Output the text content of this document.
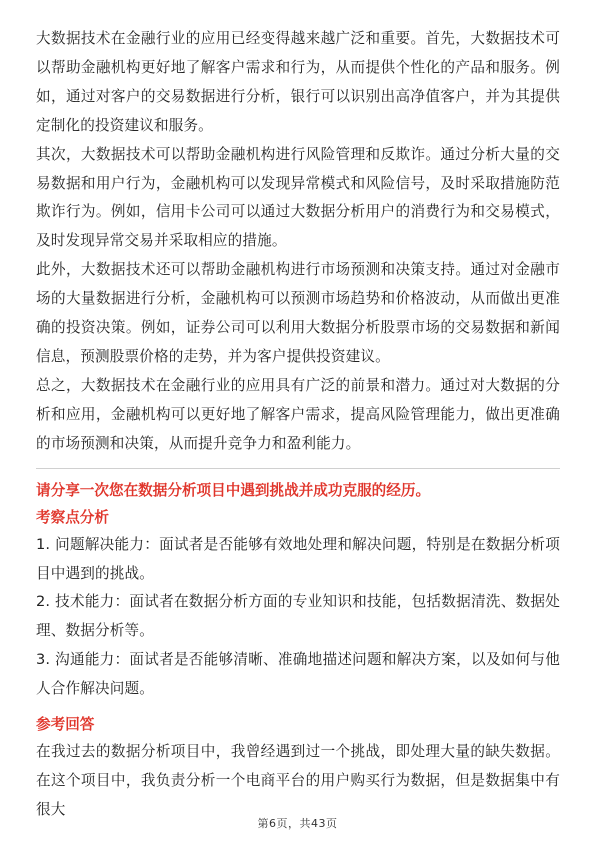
大数据技术在金融行业的应用已经变得越来越广泛和重要。首先，大数据技术可以帮助金融机构更好地了解客户需求和行为，从而提供个性化的产品和服务。例如，通过对客户的交易数据进行分析，银行可以识别出高净值客户，并为其提供定制化的投资建议和服务。

其次，大数据技术可以帮助金融机构进行风险管理和反欺诈。通过分析大量的交易数据和用户行为，金融机构可以发现异常模式和风险信号，及时采取措施防范欺诈行为。例如，信用卡公司可以通过大数据分析用户的消费行为和交易模式，及时发现异常交易并采取相应的措施。

此外，大数据技术还可以帮助金融机构进行市场预测和决策支持。通过对金融市场的大量数据进行分析，金融机构可以预测市场趋势和价格波动，从而做出更准确的投资决策。例如，证券公司可以利用大数据分析股票市场的交易数据和新闻信息，预测股票价格的走势，并为客户提供投资建议。

总之，大数据技术在金融行业的应用具有广泛的前景和潜力。通过对大数据的分析和应用，金融机构可以更好地了解客户需求，提高风险管理能力，做出更准确的市场预测和决策，从而提升竞争力和盈利能力。

请分享一次您在数据分析项目中遇到挑战并成功克服的经历。

考察点分析

1. 问题解决能力：面试者是否能够有效地处理和解决问题，特别是在数据分析项目中遇到的挑战。

2. 技术能力：面试者在数据分析方面的专业知识和技能，包括数据清洗、数据处理、数据分析等。

3. 沟通能力：面试者是否能够清晰、准确地描述问题和解决方案，以及如何与他人合作解决问题。

参考回答

在我过去的数据分析项目中，我曾经遇到过一个挑战，即处理大量的缺失数据。在这个项目中，我负责分析一个电商平台的用户购买行为数据，但是数据集中有很大

第6页，共43页
